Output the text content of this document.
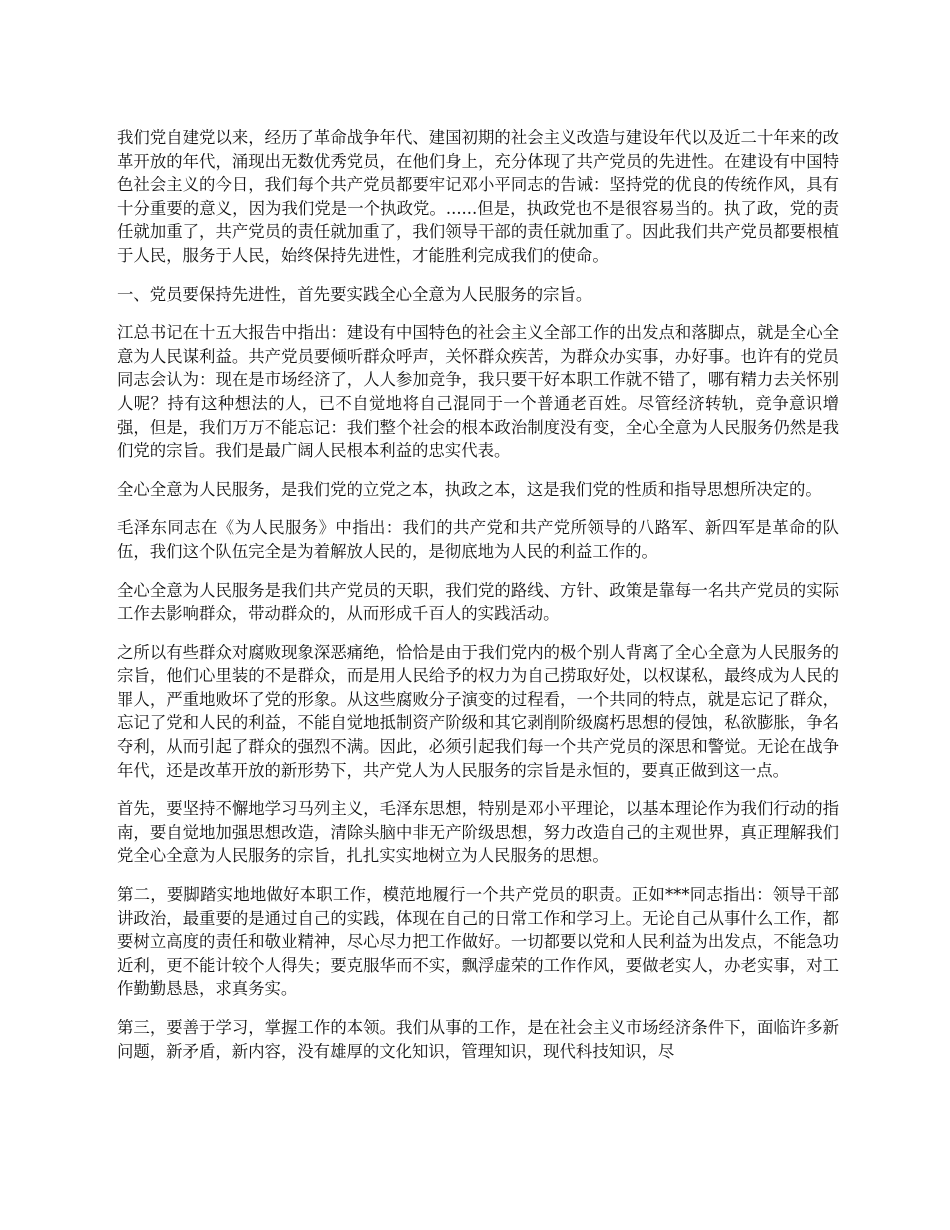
我们党自建党以来，经历了革命战争年代、建国初期的社会主义改造与建设年代以及近二十年来的改革开放的年代，涌现出无数优秀党员，在他们身上，充分体现了共产党员的先进性。在建设有中国特色社会主义的今日，我们每个共产党员都要牢记邓小平同志的告诫：坚持党的优良的传统作风，具有十分重要的意义，因为我们党是一个执政党。......但是，执政党也不是很容易当的。执了政，党的责任就加重了，共产党员的责任就加重了，我们领导干部的责任就加重了。因此我们共产党员都要根植于人民，服务于人民，始终保持先进性，才能胜利完成我们的使命。

一、党员要保持先进性，首先要实践全心全意为人民服务的宗旨。

江总书记在十五大报告中指出：建设有中国特色的社会主义全部工作的出发点和落脚点，就是全心全意为人民谋利益。共产党员要倾听群众呼声，关怀群众疾苦，为群众办实事，办好事。也许有的党员同志会认为：现在是市场经济了，人人参加竞争，我只要干好本职工作就不错了，哪有精力去关怀别人呢？持有这种想法的人，已不自觉地将自己混同于一个普通老百姓。尽管经济转轨，竞争意识增强，但是，我们万万不能忘记：我们整个社会的根本政治制度没有变，全心全意为人民服务仍然是我们党的宗旨。我们是最广阔人民根本利益的忠实代表。

全心全意为人民服务，是我们党的立党之本，执政之本，这是我们党的性质和指导思想所决定的。

毛泽东同志在《为人民服务》中指出：我们的共产党和共产党所领导的八路军、新四军是革命的队伍，我们这个队伍完全是为着解放人民的，是彻底地为人民的利益工作的。

全心全意为人民服务是我们共产党员的天职，我们党的路线、方针、政策是靠每一名共产党员的实际工作去影响群众，带动群众的，从而形成千百人的实践活动。

之所以有些群众对腐败现象深恶痛绝，恰恰是由于我们党内的极个别人背离了全心全意为人民服务的宗旨，他们心里装的不是群众，而是用人民给予的权力为自己捞取好处，以权谋私，最终成为人民的罪人，严重地败坏了党的形象。从这些腐败分子演变的过程看，一个共同的特点，就是忘记了群众，忘记了党和人民的利益，不能自觉地抵制资产阶级和其它剥削阶级腐朽思想的侵蚀，私欲膨胀，争名夺利，从而引起了群众的强烈不满。因此，必须引起我们每一个共产党员的深思和警觉。无论在战争年代，还是改革开放的新形势下，共产党人为人民服务的宗旨是永恒的，要真正做到这一点。

首先，要坚持不懈地学习马列主义，毛泽东思想，特别是邓小平理论，以基本理论作为我们行动的指南，要自觉地加强思想改造，清除头脑中非无产阶级思想，努力改造自己的主观世界，真正理解我们党全心全意为人民服务的宗旨，扎扎实实地树立为人民服务的思想。

第二，要脚踏实地地做好本职工作，模范地履行一个共产党员的职责。正如***同志指出：领导干部讲政治，最重要的是通过自己的实践，体现在自己的日常工作和学习上。无论自己从事什么工作，都要树立高度的责任和敬业精神，尽心尽力把工作做好。一切都要以党和人民利益为出发点，不能急功近利，更不能计较个人得失；要克服华而不实，飘浮虚荣的工作作风，要做老实人，办老实事，对工作勤勤恳恳，求真务实。

第三，要善于学习，掌握工作的本领。我们从事的工作，是在社会主义市场经济条件下，面临许多新问题，新矛盾，新内容，没有雄厚的文化知识，管理知识，现代科技知识，尽
